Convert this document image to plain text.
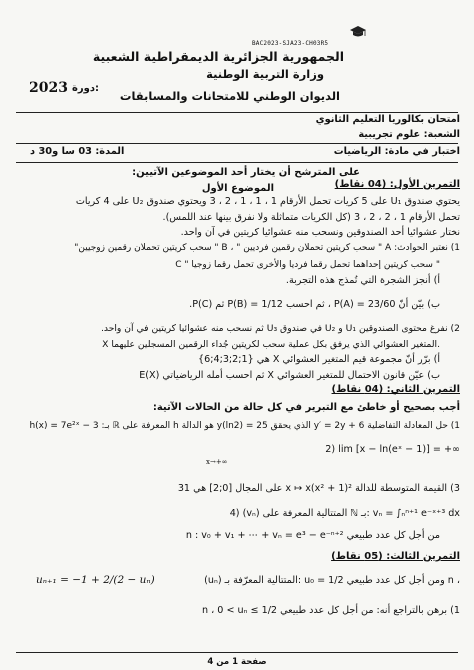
BAC2023-SJA23-CH03R5
الجمهورية الجزائرية الديمقراطية الشعبية
وزارة التربية الوطنية
الديوان الوطني للامتحانات والمسابقات
دورة:
2023
امتحان بكالوريا التعليم الثانوي
الشعبة: علوم تجريبية
اختبار في مادة: الرياضيات
المدة: 03 سا و30 د
على المترشح أن يختار أحد الموضوعين الآتيين:
الموضوع الأول	التمرين الأول: (04 نقاط)
يحتوي صندوق U₁ على 5 كريات تحمل الأرقام 1 ، 1 ، 1 ، 2 ، 3 ويحتوي صندوق U₂ على 4 كريات
تحمل الأرقام 1 ، 2 ، 2 ، 3 (كل الكريات متماثلة ولا نفرق بينها عند اللمس).
نختار عشوائيا أحد الصندوقين ونسحب منه عشوائيا كريتين في آن واحد.
1) نعتبر الحوادث: A " سحب كريتين تحملان رقمين فرديين " ، B " سحب كريتين تحملان رقمين زوجيين"
C " سحب كريتين إحداهما تحمل رقما فرديا والأخرى تحمل رقما زوجيا "
أ) أنجز الشجرة التي تُمذج هذه التجربة.
ب) بيّن أنّ P(A) = 23/60 ، ثم احسب P(B) = 1/12 ثم P(C).
2) نفرغ محتوى الصندوقين U₁ و U₂ في صندوق U₃ ثم نسحب منه عشوائيا كريتين في آن واحد.
X المتغير العشوائي الذي يرفق بكل عملية سحب لكريتين جُداء الرقمين المسجلين عليهما.
أ) برّر أنّ مجموعة قيم المتغير العشوائي X هي {1;2;3;4;6}
ب) عيّن قانون الاحتمال للمتغير العشوائي X ثم احسب أمله الرياضياتي E(X)
التمرين الثاني: (04 نقاط)
أجب بصحيح أو خاطئ مع التبرير في كل حالة من الحالات الآتية:
1) حل المعادلة التفاضلية y′ = 2y + 6 الذي يحقق y(ln2) = 25 هو الدالة h المعرفة على ℝ بـ: h(x) = 7e²ˣ − 3
2) lim [x − ln(eˣ − 1)] = +∞
x→+∞
3) القيمة المتوسطة للدالة x ↦ x(x² + 1)² على المجال [0;2] هي 31
4) (vₙ) المتتالية المعرفة على ℕ بـ: vₙ = ∫ₙⁿ⁺¹ e⁻ˣ⁺³ dx
من أجل كل عدد طبيعي n : v₀ + v₁ + ⋯ + vₙ = e³ − e⁻ⁿ⁺²
التمرين الثالث: (05 نقاط)
(uₙ) المتتالية المعرّفة بـ: u₀ = 1/2 ومن أجل كل عدد طبيعي n ،
uₙ₊₁ = −1 + 2/(2 − uₙ)
1) برهن بالتراجع أنه: من أجل كل عدد طبيعي n ، 0 < uₙ ≤ 1/2
صفحة 1 من 4
